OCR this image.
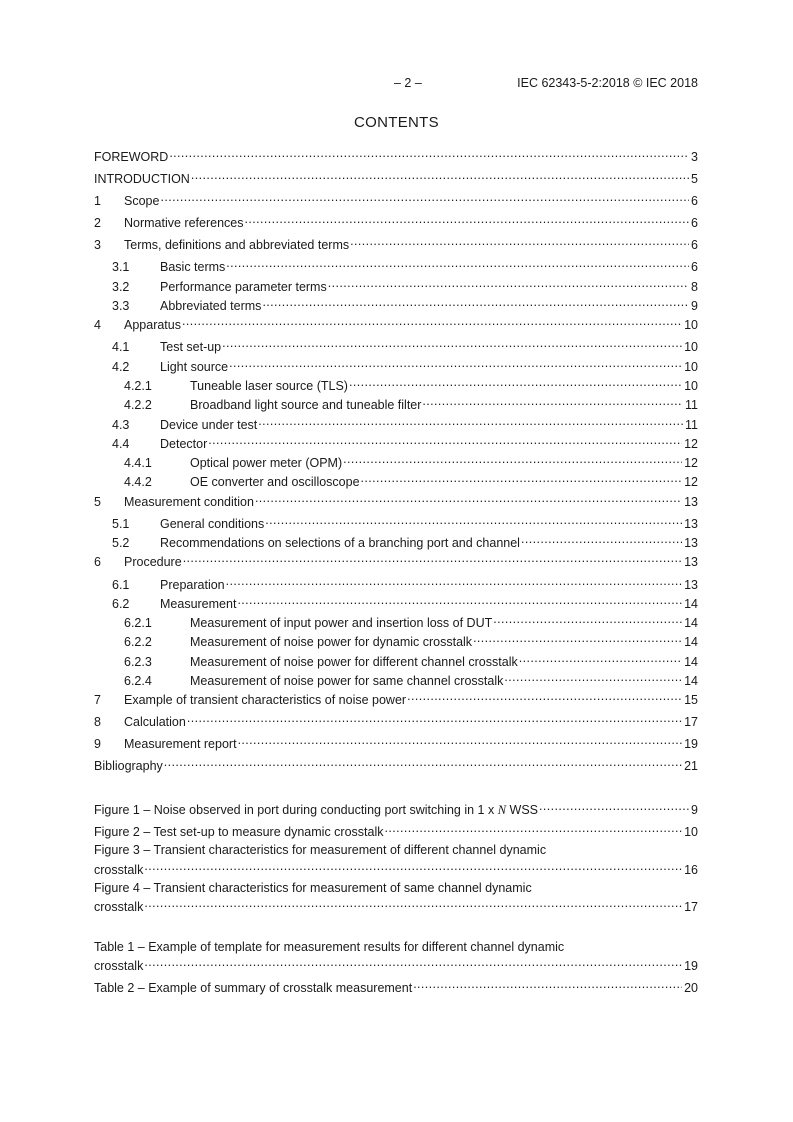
– 2 –	IEC 62343-5-2:2018 © IEC 2018
CONTENTS
FOREWORD .....	3
INTRODUCTION .....	5
1	Scope .....	6
2	Normative references .....	6
3	Terms, definitions and abbreviated terms .....	6
3.1	Basic terms .....	6
3.2	Performance parameter terms .....	8
3.3	Abbreviated terms .....	9
4	Apparatus .....	10
4.1	Test set-up .....	10
4.2	Light source .....	10
4.2.1	Tuneable laser source (TLS) .....	10
4.2.2	Broadband light source and tuneable filter .....	11
4.3	Device under test .....	11
4.4	Detector .....	12
4.4.1	Optical power meter (OPM) .....	12
4.4.2	OE converter and oscilloscope .....	12
5	Measurement condition .....	13
5.1	General conditions .....	13
5.2	Recommendations on selections of a branching port and channel .....	13
6	Procedure .....	13
6.1	Preparation .....	13
6.2	Measurement .....	14
6.2.1	Measurement of input power and insertion loss of DUT .....	14
6.2.2	Measurement of noise power for dynamic crosstalk .....	14
6.2.3	Measurement of noise power for different channel crosstalk .....	14
6.2.4	Measurement of noise power for same channel crosstalk .....	14
7	Example of transient characteristics of noise power .....	15
8	Calculation .....	17
9	Measurement report .....	19
Bibliography .....	21
Figure 1 – Noise observed in port during conducting port switching in 1 x N WSS .....	9
Figure 2 – Test set-up to measure dynamic crosstalk .....	10
Figure 3 – Transient characteristics for measurement of different channel dynamic
crosstalk .....	16
Figure 4 – Transient characteristics for measurement of same channel dynamic
crosstalk .....	17
Table 1 – Example of template for measurement results for different channel dynamic
crosstalk .....	19
Table 2 – Example of summary of crosstalk measurement .....	20
